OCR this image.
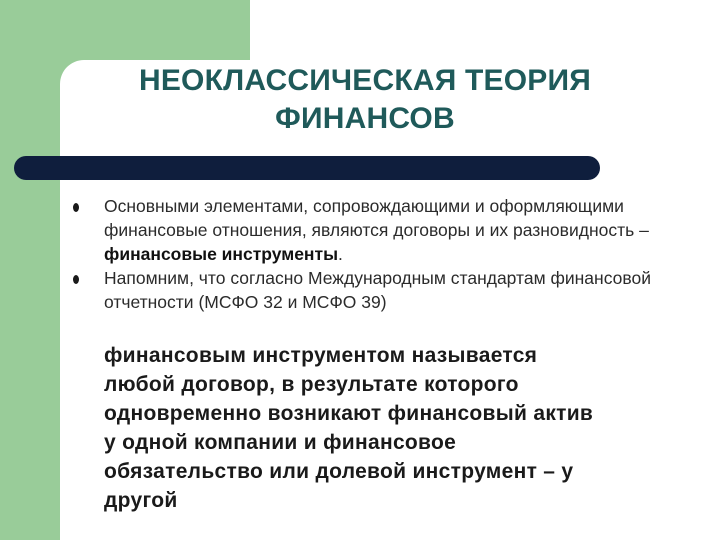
НЕОКЛАССИЧЕСКАЯ ТЕОРИЯ
ФИНАНСОВ
Основными элементами, сопровождающими и оформляющими финансовые отношения, являются договоры и их разновидность – финансовые инструменты.
Напомним, что согласно Международным стандартам финансовой отчетности (МСФО 32 и МСФО 39)
финансовым инструментом называется
любой договор, в результате которого
одновременно возникают финансовый актив
у одной компании и финансовое
обязательство или долевой инструмент – у
другой
